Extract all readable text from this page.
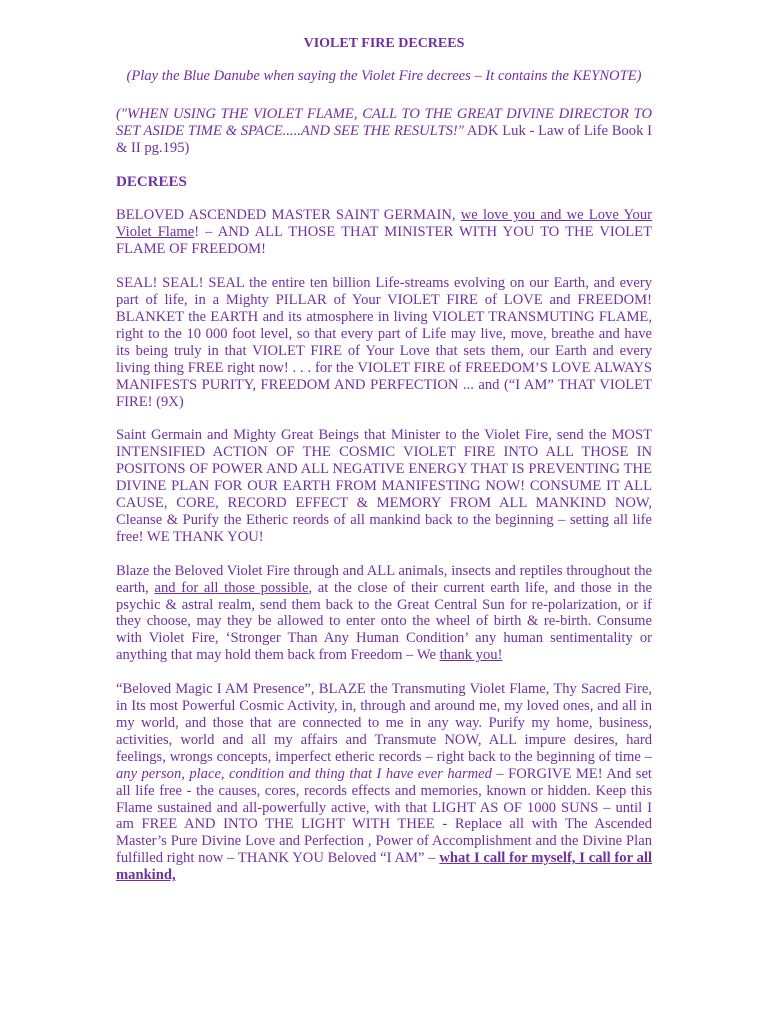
VIOLET FIRE DECREES
(Play the Blue Danube when saying the Violet Fire decrees – It contains the KEYNOTE)
("WHEN USING THE VIOLET FLAME, CALL TO THE GREAT DIVINE DIRECTOR TO SET ASIDE TIME & SPACE.....AND SEE THE RESULTS!" ADK Luk - Law of Life Book I & II pg.195)
DECREES

BELOVED ASCENDED MASTER SAINT GERMAIN, we love you and we Love Your Violet Flame! – AND ALL THOSE THAT MINISTER WITH YOU TO THE VIOLET FLAME OF FREEDOM!

SEAL! SEAL! SEAL the entire ten billion Life-streams evolving on our Earth, and every part of life, in a Mighty PILLAR of Your VIOLET FIRE of LOVE and FREEDOM! BLANKET the EARTH and its atmosphere in living VIOLET TRANSMUTING FLAME, right to the 10 000 foot level, so that every part of Life may live, move, breathe and have its being truly in that VIOLET FIRE of Your Love that sets them, our Earth and every living thing FREE right now! . . . for the VIOLET FIRE of FREEDOM’S LOVE ALWAYS MANIFESTS PURITY, FREEDOM AND PERFECTION ... and (“I AM” THAT VIOLET FIRE! (9X)

Saint Germain and Mighty Great Beings that Minister to the Violet Fire, send the MOST INTENSIFIED ACTION OF THE COSMIC VIOLET FIRE INTO ALL THOSE IN POSITONS OF POWER AND ALL NEGATIVE ENERGY THAT IS PREVENTING THE DIVINE PLAN FOR OUR EARTH FROM MANIFESTING NOW! CONSUME IT ALL CAUSE, CORE, RECORD EFFECT & MEMORY FROM ALL MANKIND NOW, Cleanse & Purify the Etheric reords of all mankind back to the beginning – setting all life free! WE THANK YOU!

Blaze the Beloved Violet Fire through and ALL animals, insects and reptiles throughout the earth, and for all those possible, at the close of their current earth life, and those in the psychic & astral realm, send them back to the Great Central Sun for re-polarization, or if they choose, may they be allowed to enter onto the wheel of birth & re-birth. Consume with Violet Fire, ‘Stronger Than Any Human Condition’ any human sentimentality or anything that may hold them back from Freedom – We thank you!

“Beloved Magic I AM Presence”, BLAZE the Transmuting Violet Flame, Thy Sacred Fire, in Its most Powerful Cosmic Activity, in, through and around me, my loved ones, and all in my world, and those that are connected to me in any way. Purify my home, business, activities, world and all my affairs and Transmute NOW, ALL impure desires, hard feelings, wrongs concepts, imperfect etheric records – right back to the beginning of time – any person, place, condition and thing that I have ever harmed – FORGIVE ME! And set all life free - the causes, cores, records effects and memories, known or hidden. Keep this Flame sustained and all-powerfully active, with that LIGHT AS OF 1000 SUNS – until I am FREE AND INTO THE LIGHT WITH THEE - Replace all with The Ascended Master’s Pure Divine Love and Perfection , Power of Accomplishment and the Divine Plan fulfilled right now – THANK YOU Beloved “I AM” – what I call for myself, I call for all mankind,
